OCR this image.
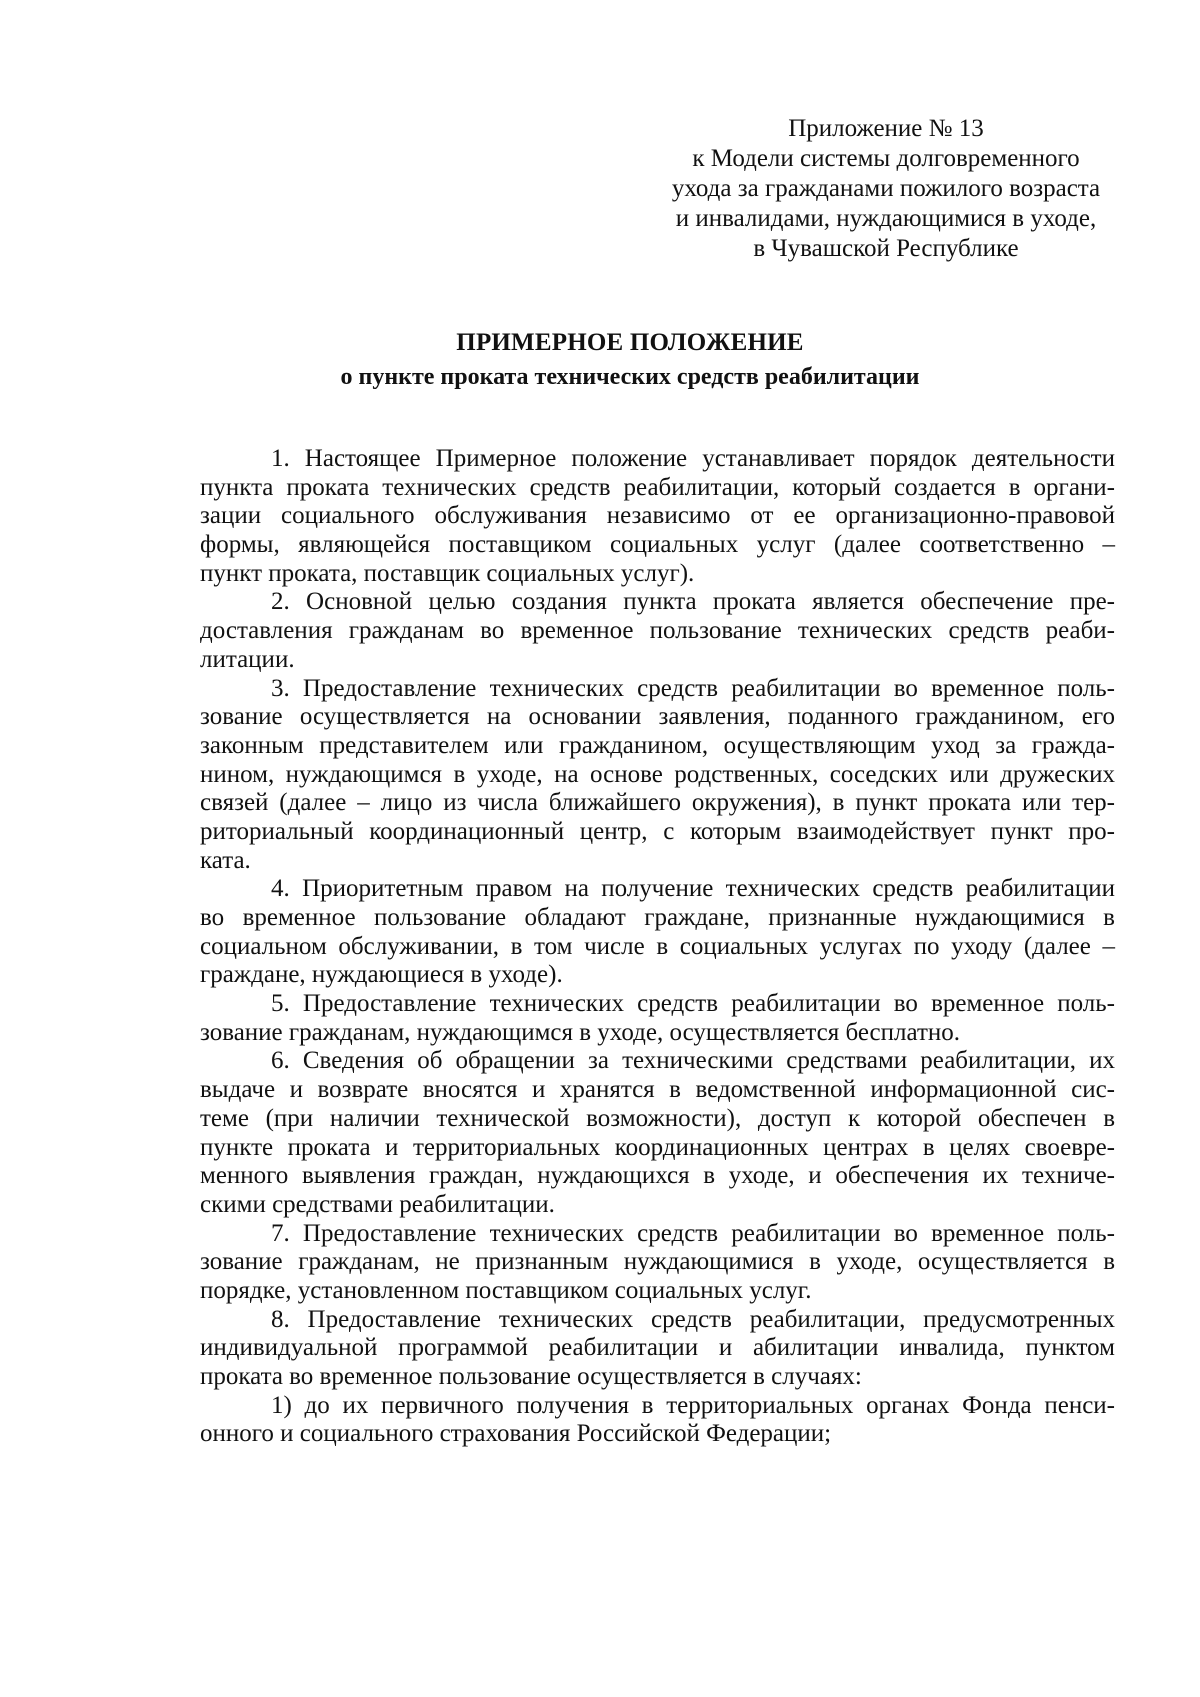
Приложение № 13
к Модели системы долговременного
ухода за гражданами пожилого возраста
и инвалидами, нуждающимися в уходе,
в Чувашской Республике
ПРИМЕРНОЕ ПОЛОЖЕНИЕ
о пункте проката технических средств реабилитации
1. Настоящее Примерное положение устанавливает порядок деятельности
пункта проката технических средств реабилитации, который создается в органи-
зации социального обслуживания независимо от ее организационно-правовой
формы, являющейся поставщиком социальных услуг (далее соответственно –
пункт проката, поставщик социальных услуг).
2. Основной целью создания пункта проката является обеспечение пре-
доставления гражданам во временное пользование технических средств реаби-
литации.
3. Предоставление технических средств реабилитации во временное поль-
зование осуществляется на основании заявления, поданного гражданином, его
законным представителем или гражданином, осуществляющим уход за гражда-
нином, нуждающимся в уходе, на основе родственных, соседских или дружеских
связей (далее – лицо из числа ближайшего окружения), в пункт проката или тер-
риториальный координационный центр, с которым взаимодействует пункт про-
ката.
4. Приоритетным правом на получение технических средств реабилитации
во временное пользование обладают граждане, признанные нуждающимися в
социальном обслуживании, в том числе в социальных услугах по уходу (далее –
граждане, нуждающиеся в уходе).
5. Предоставление технических средств реабилитации во временное поль-
зование гражданам, нуждающимся в уходе, осуществляется бесплатно.
6. Сведения об обращении за техническими средствами реабилитации, их
выдаче и возврате вносятся и хранятся в ведомственной информационной сис-
теме (при наличии технической возможности), доступ к которой обеспечен в
пункте проката и территориальных координационных центрах в целях своевре-
менного выявления граждан, нуждающихся в уходе, и обеспечения их техниче-
скими средствами реабилитации.
7. Предоставление технических средств реабилитации во временное поль-
зование гражданам, не признанным нуждающимися в уходе, осуществляется в
порядке, установленном поставщиком социальных услуг.
8. Предоставление технических средств реабилитации, предусмотренных
индивидуальной программой реабилитации и абилитации инвалида, пунктом
проката во временное пользование осуществляется в случаях:
1) до их первичного получения в территориальных органах Фонда пенси-
онного и социального страхования Российской Федерации;
